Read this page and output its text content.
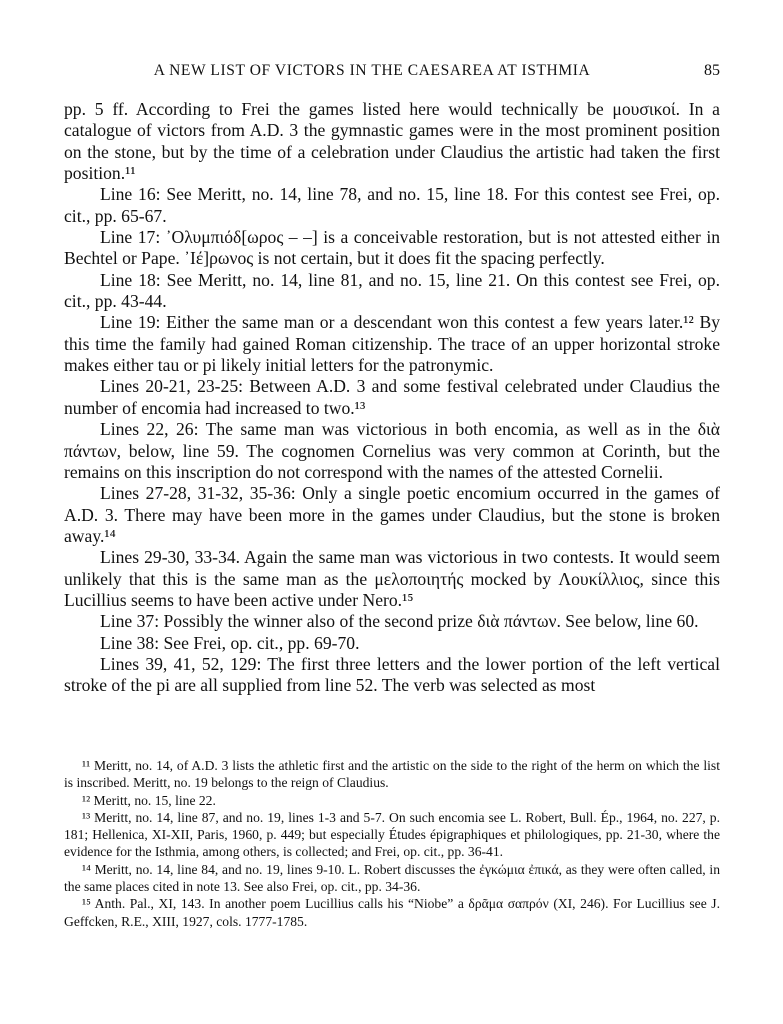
A NEW LIST OF VICTORS IN THE CAESAREA AT ISTHMIA	85

pp. 5 ff. According to Frei the games listed here would technically be μουσικοί. In a catalogue of victors from A.D. 3 the gymnastic games were in the most prominent position on the stone, but by the time of a celebration under Claudius the artistic had taken the first position.¹¹

Line 16: See Meritt, no. 14, line 78, and no. 15, line 18. For this contest see Frei, op. cit., pp. 65-67.

Line 17: ᾿Ολυμπιόδ[ωρος – –] is a conceivable restoration, but is not attested either in Bechtel or Pape. ᾿Ιέ]ρωνος is not certain, but it does fit the spacing perfectly.

Line 18: See Meritt, no. 14, line 81, and no. 15, line 21. On this contest see Frei, op. cit., pp. 43-44.

Line 19: Either the same man or a descendant won this contest a few years later.¹² By this time the family had gained Roman citizenship. The trace of an upper horizontal stroke makes either tau or pi likely initial letters for the patronymic.

Lines 20-21, 23-25: Between A.D. 3 and some festival celebrated under Claudius the number of encomia had increased to two.¹³

Lines 22, 26: The same man was victorious in both encomia, as well as in the διὰ πάντων, below, line 59. The cognomen Cornelius was very common at Corinth, but the remains on this inscription do not correspond with the names of the attested Cornelii.

Lines 27-28, 31-32, 35-36: Only a single poetic encomium occurred in the games of A.D. 3. There may have been more in the games under Claudius, but the stone is broken away.¹⁴

Lines 29-30, 33-34. Again the same man was victorious in two contests. It would seem unlikely that this is the same man as the μελοποιητής mocked by Λουκίλλιος, since this Lucillius seems to have been active under Nero.¹⁵

Line 37: Possibly the winner also of the second prize διὰ πάντων. See below, line 60.

Line 38: See Frei, op. cit., pp. 69-70.

Lines 39, 41, 52, 129: The first three letters and the lower portion of the left vertical stroke of the pi are all supplied from line 52. The verb was selected as most

¹¹ Meritt, no. 14, of A.D. 3 lists the athletic first and the artistic on the side to the right of the herm on which the list is inscribed. Meritt, no. 19 belongs to the reign of Claudius.

¹² Meritt, no. 15, line 22.

¹³ Meritt, no. 14, line 87, and no. 19, lines 1-3 and 5-7. On such encomia see L. Robert, Bull. Ép., 1964, no. 227, p. 181; Hellenica, XI-XII, Paris, 1960, p. 449; but especially Études épigraphiques et philologiques, pp. 21-30, where the evidence for the Isthmia, among others, is collected; and Frei, op. cit., pp. 36-41.

¹⁴ Meritt, no. 14, line 84, and no. 19, lines 9-10. L. Robert discusses the ἐγκώμια ἐπικά, as they were often called, in the same places cited in note 13. See also Frei, op. cit., pp. 34-36.

¹⁵ Anth. Pal., XI, 143. In another poem Lucillius calls his “Niobe” a δρᾶμα σαπρόν (XI, 246). For Lucillius see J. Geffcken, R.E., XIII, 1927, cols. 1777-1785.
